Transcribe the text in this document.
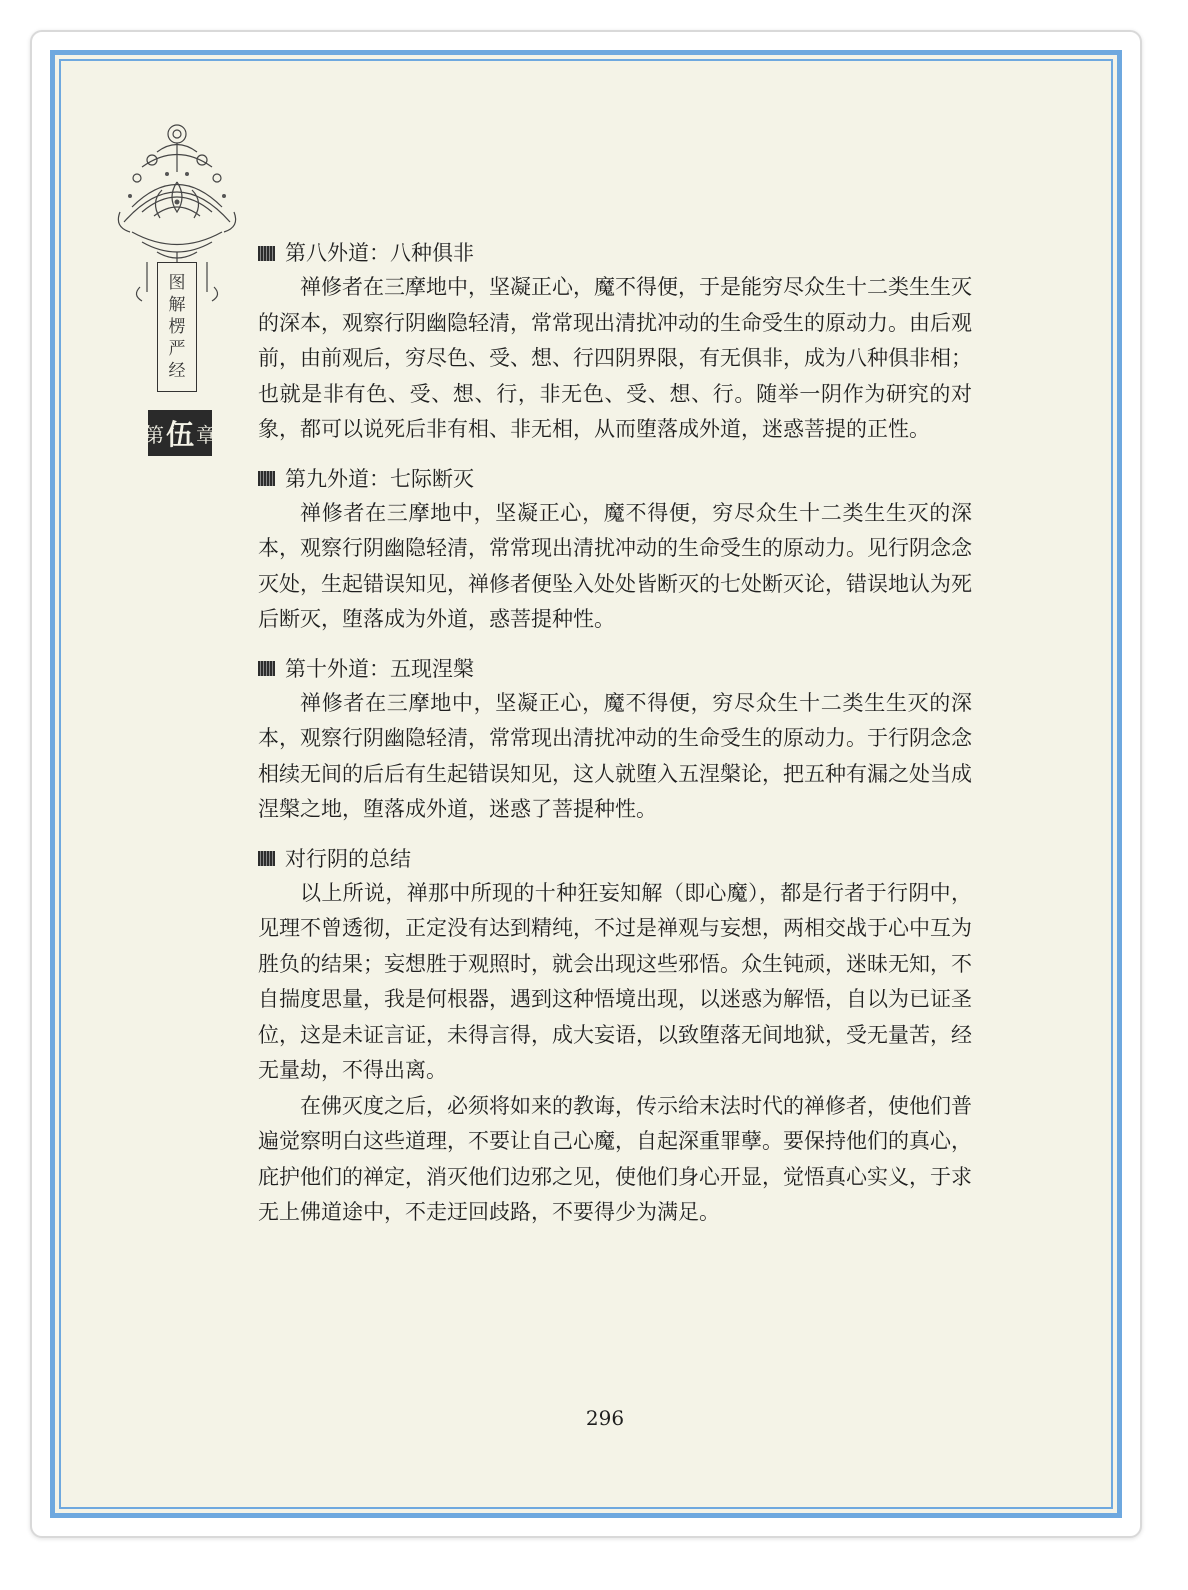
图
解
楞
严
经
第 伍 章
第八外道：八种俱非

禅修者在三摩地中，坚凝正心，魔不得便，于是能穷尽众生十二类生生灭的深本，观察行阴幽隐轻清，常常现出清扰冲动的生命受生的原动力。由后观前，由前观后，穷尽色、受、想、行四阴界限，有无俱非，成为八种俱非相；也就是非有色、受、想、行，非无色、受、想、行。随举一阴作为研究的对象，都可以说死后非有相、非无相，从而堕落成外道，迷惑菩提的正性。

第九外道：七际断灭

禅修者在三摩地中，坚凝正心，魔不得便，穷尽众生十二类生生灭的深本，观察行阴幽隐轻清，常常现出清扰冲动的生命受生的原动力。见行阴念念灭处，生起错误知见，禅修者便坠入处处皆断灭的七处断灭论，错误地认为死后断灭，堕落成为外道，惑菩提种性。

第十外道：五现涅槃

禅修者在三摩地中，坚凝正心，魔不得便，穷尽众生十二类生生灭的深本，观察行阴幽隐轻清，常常现出清扰冲动的生命受生的原动力。于行阴念念相续无间的后后有生起错误知见，这人就堕入五涅槃论，把五种有漏之处当成涅槃之地，堕落成外道，迷惑了菩提种性。

对行阴的总结

以上所说，禅那中所现的十种狂妄知解（即心魔），都是行者于行阴中，见理不曾透彻，正定没有达到精纯，不过是禅观与妄想，两相交战于心中互为胜负的结果；妄想胜于观照时，就会出现这些邪悟。众生钝顽，迷昧无知，不自揣度思量，我是何根器，遇到这种悟境出现，以迷惑为解悟，自以为已证圣位，这是未证言证，未得言得，成大妄语，以致堕落无间地狱，受无量苦，经无量劫，不得出离。

在佛灭度之后，必须将如来的教诲，传示给末法时代的禅修者，使他们普遍觉察明白这些道理，不要让自己心魔，自起深重罪孽。要保持他们的真心，庇护他们的禅定，消灭他们边邪之见，使他们身心开显，觉悟真心实义，于求无上佛道途中，不走迂回歧路，不要得少为满足。

296
